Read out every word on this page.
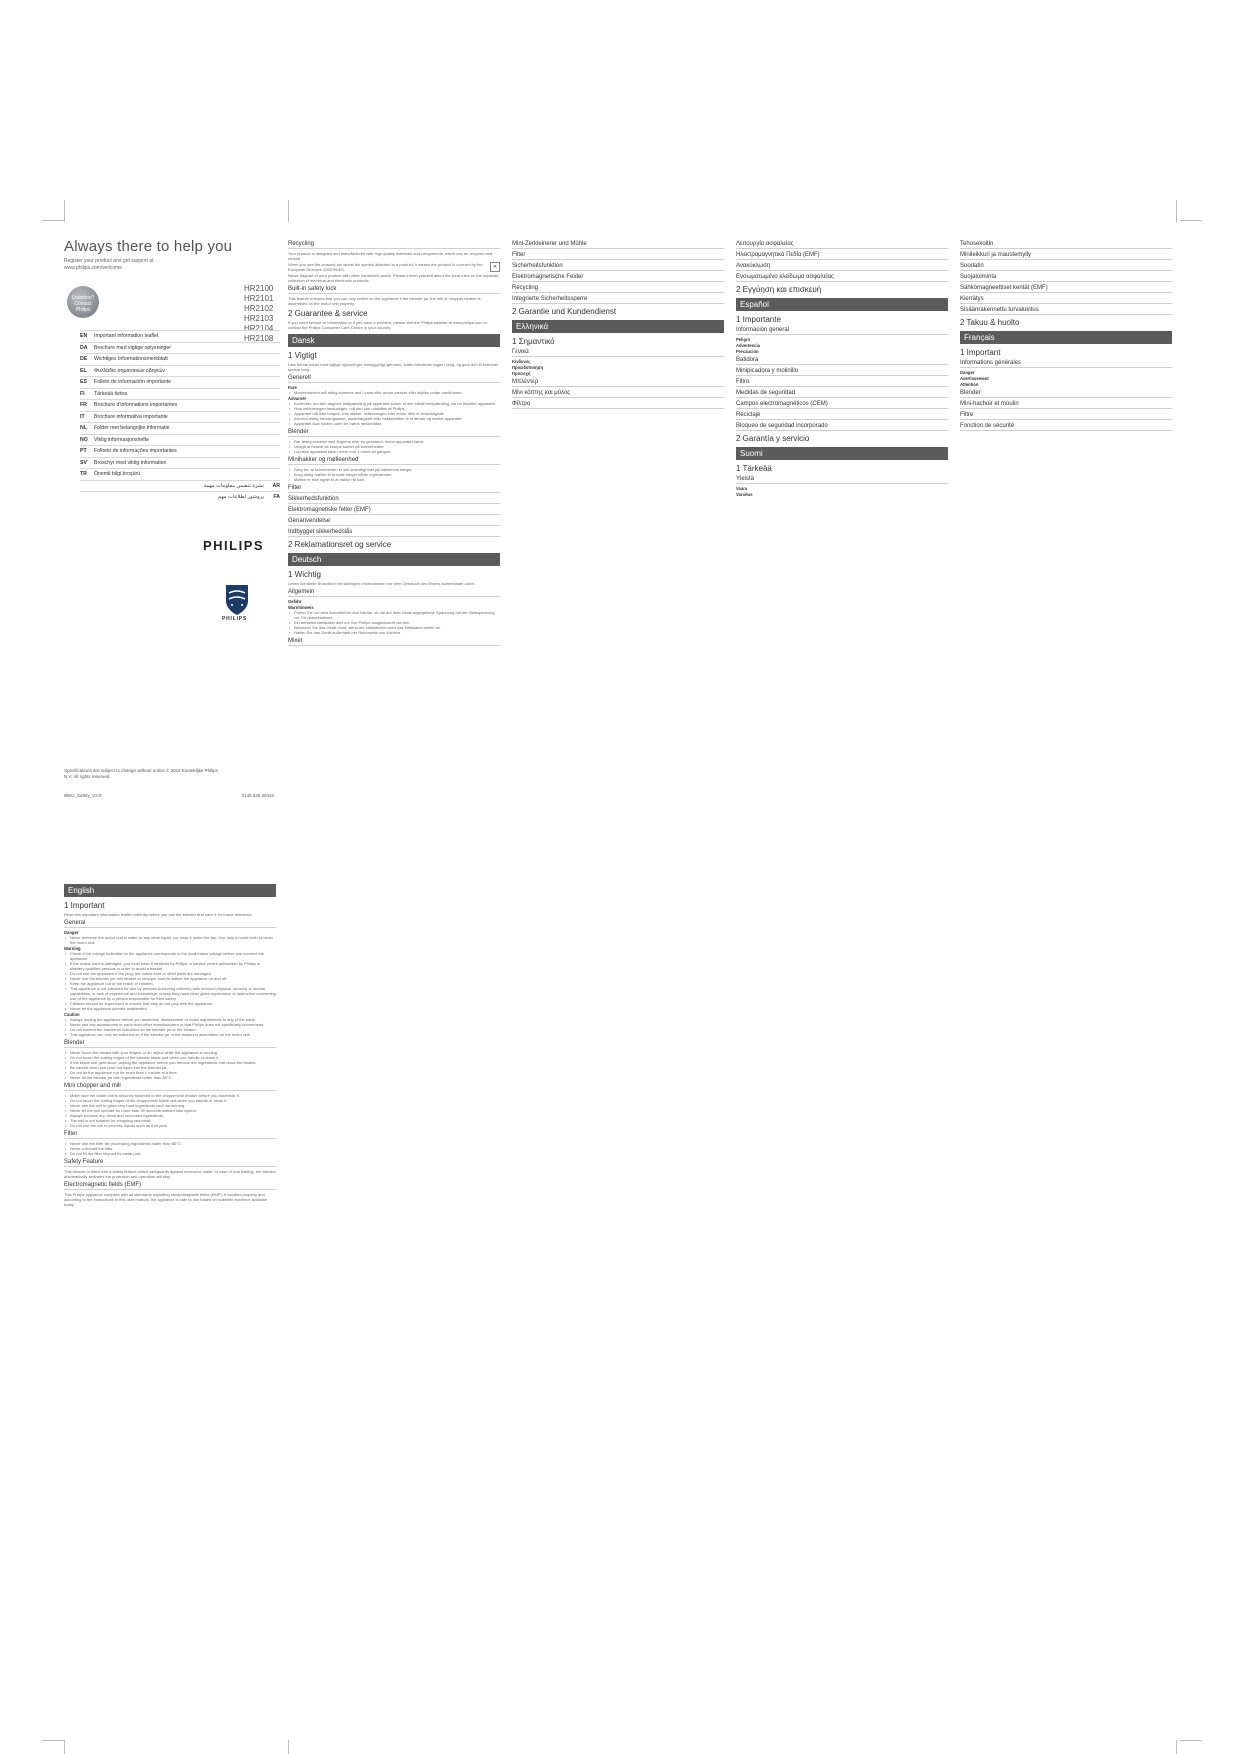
Always there to help you
Register your product and get support at www.philips.com/welcome
Question? Contact Philips
HR2100
HR2101
HR2102
HR2103
HR2104
HR2108
EN	Important information leaflet
DA	Brochure med vigtige oplysninger
DE	Wichtiges Informationsmerkblatt
EL	Φυλλάδιο σημαντικών οδηγιών
ES	Folleto de información importante
FI	Tärkeää tietoa
FR	Brochure d'informations importantes
IT	Brochure informativa importante
NL	Folder met belangrijke informatie
NO	Viktig informasjonshefte
PT	Folheto de informações importantes
SV	Broschyr med viktig information
TR	Önemli bilgi broşürü
AR
نشرة تتضمن معلومات مهمة
FA
بروشور اطلاعات مهم
PHILIPS
PHILIPS
Specifications are subject to change without notice © 2014 Koninklijke Philips N.V. All rights reserved.
WEU_Safety_V2.0	3140 035 30432
English
1 Important
Read this important information leaflet carefully before you use the blender and save it for future reference.
General
Danger
• Never immerse the motor unit in water or any other liquid, nor rinse it under the tap. Use only a moist cloth to clean the motor unit.
Warning
• Check if the voltage indicated on the appliance corresponds to the local mains voltage before you connect the appliance.
• If the mains cord is damaged, you must have it replaced by Philips, a service centre authorised by Philips or similarly qualified persons in order to avoid a hazard.
• Do not use the appliance if the plug, the mains cord or other parts are damaged.
• Never use the blender jar, mill beaker or chopper bowl to switch the appliance on and off.
• Keep the appliance out of the reach of children.
• This appliance is not intended for use by persons (including children) with reduced physical, sensory or mental capabilities, or lack of experience and knowledge, unless they have been given supervision or instruction concerning use of the appliance by a person responsible for their safety.
• Children should be supervised to ensure that they do not play with the appliance.
• Never let the appliance operate unattended.
Caution
• Always unplug the appliance before you assemble, disassemble or make adjustments to any of the parts.
• Never use any accessories or parts from other manufacturers or that Philips does not specifically recommend.
• Do not exceed the maximum indication on the blender jar or the beaker.
• This appliance can only be switched on if the blender jar or the beaker is assembled on the motor unit.
Blender
• Never touch the blades with your fingers or an object while the appliance is running.
• Do not touch the cutting edges of the blender blade unit when you handle or clean it.
• If the blade unit gets stuck, unplug the appliance before you remove the ingredients that block the blades.
• Be careful when you pour hot liquid into the blender jar.
• Do not let the appliance run for more than 1 minute at a time.
• Never fill the blender jar with ingredients hotter than 80°C.
Mini chopper and mill
• Make sure the blade unit is securely fastened to the chopper/mill beaker before you assemble it.
• Do not touch the cutting edges of the chopper/mill blade unit when you handle or clean it.
• Never use the mill to grind very hard ingredients such as nutmeg.
• Never let the mill operate for more than 30 seconds without interruption.
• Always process dry, clean and uncooked ingredients.
• The mill is not suitable for chopping raw meat.
• Do not use the mill to process liquids such as fruit juice.
Filter
• Never use the filter for processing ingredients hotter than 80°C.
• Never overload the filter.
• Do not fill the filter beyond its metal part.
Safety Feature
This blender is fitted with a safety feature which safeguards against excessive loads. In case of overloading, the blender automatically activates the protection and operation will stop.
Electromagnetic fields (EMF)
This Philips appliance complies with all standards regarding electromagnetic fields (EMF). If handled properly and according to the instructions in this user manual, the appliance is safe to use based on scientific evidence available today.
Recycling
Your product is designed and manufactured with high quality materials and components, which can be recycled and reused.
✕
When you see the crossed-out wheel bin symbol attached to a product, it means the product is covered by the European Directive 2002/96/EC.
Never dispose of your product with other household waste. Please inform yourself about the local rules on the separate collection of electrical and electronic products.
Built-in safety lock
This feature ensures that you can only switch on the appliance if the blender jar, the mill or chopper beaker is assembled on the motor unit properly.
2 Guarantee & service
If you need service or information or if you have a problem, please visit the Philips website at www.philips.com or contact the Philips Consumer Care Centre in your country.
Dansk
1 Vigtigt
Læs denne folder med vigtige oplysninger omhyggeligt igennem, inden blenderen tages i brug, og gem den til eventuel senere brug.
Generelt
Fare
• Motorenheden må aldrig kommes ned i vand eller andre væsker eller skylles under vandhanen.
Advarsel
• Kontroller, om den angivne netspænding på apparatet svarer til den lokale netspænding, før du tilslutter apparatet.
• Hvis netledningen beskadiges, må den kun udskiftes af Philips.
• Apparatet må ikke bruges, hvis stikket, netledningen eller andre dele er beskadigede.
• Anvend aldrig blenderglasset, møllebægeret eller hakkeskålen til at tænde og slukke apparatet.
• Apparatet skal holdes uden for børns rækkevidde.
Blender
• Rør aldrig knivene med fingrene eller en genstand, mens apparatet kører.
• Undgå at berøre de skarpe kanter på knivenheden.
• Lad ikke apparatet køre i mere end 1 minut ad gangen.
Minihakker og mølleenhed
• Sørg for, at knivenheden er sat ordentligt fast på hakkerens bæger.
• Brug aldrig møllen til at male meget hårde ingredienser.
• Møllen er ikke egnet til at hakke råt kød.
Filter
Sikkerhedsfunktion
Elektromagnetiske felter (EMF)
Genanvendelse
Indbygget sikkerhedslås
2 Reklamationsret og service
Deutsch
1 Wichtig
Lesen Sie diese Broschüre mit wichtigen Informationen vor dem Gebrauch des Mixers aufmerksam durch.
Allgemein
Gefahr
Warnhinweis
• Prüfen Sie vor dem Anschließen des Geräts, ob die auf dem Gerät angegebene Spannung mit der Netzspannung vor Ort übereinstimmt.
• Ein defektes Netzkabel darf nur von Philips ausgetauscht werden.
• Benutzen Sie das Gerät nicht, wenn der Netzstecker oder das Netzkabel defekt ist.
• Halten Sie das Gerät außerhalb der Reichweite von Kindern.
Mixer
Mini-Zerkleinerer und Mühle
Filter
Sicherheitsfunktion
Elektromagnetische Felder
Recycling
Integrierte Sicherheitssperre
2 Garantie und Kundendienst
Ελληνικά
1 Σημαντικό
Γενικά
Κίνδυνος
Προειδοποίηση
Προσοχή
Μπλέντερ
Μίνι κόπτης και μύλος
Φίλτρο
Λειτουργία ασφαλείας
Ηλεκτρομαγνητικά Πεδία (EMF)
Ανακύκλωση
Ενσωματωμένο κλείδωμα ασφαλείας
2 Εγγύηση και επισκευή
Español
1 Importante
Información general
Peligro
Advertencia
Precaución
Batidora
Minipicadora y molinillo
Filtro
Medidas de seguridad
Campos electromagnéticos (CEM)
Reciclaje
Bloqueo de seguridad incorporado
2 Garantía y servicio
Suomi
1 Tärkeää
Yleistä
Vaara
Varoitus
Tehosekoitin
Minileikkuri ja maustemylly
Suodatin
Suojatoiminta
Sähkömagneettiset kentät (EMF)
Kierrätys
Sisäänrakennettu turvalukitus
2 Takuu & huolto
Français
1 Important
Informations générales
Danger
Avertissement
Attention
Blender
Mini-hachoir et moulin
Filtre
Fonction de sécurité
